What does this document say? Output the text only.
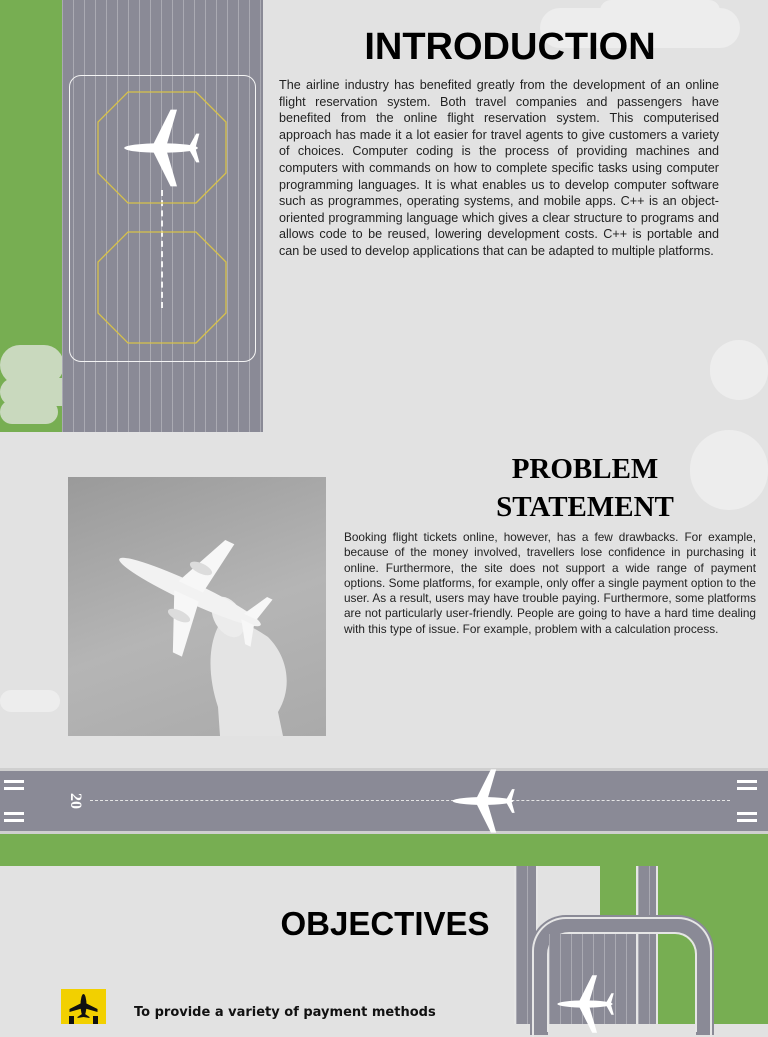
INTRODUCTION

The airline industry has benefited greatly from the development of an online flight reservation system. Both travel companies and passengers have benefited from the online flight reservation system. This computerised approach has made it a lot easier for travel agents to give customers a variety of choices. Computer coding is the process of providing machines and computers with commands on how to complete specific tasks using computer programming languages. It is what enables us to develop computer software such as programmes, operating systems, and mobile apps. C++ is an object-oriented programming language which gives a clear structure to programs and allows code to be reused, lowering development costs. C++ is portable and can be used to develop applications that can be adapted to multiple platforms.

PROBLEM
STATEMENT

Booking flight tickets online, however, has a few drawbacks. For example, because of the money involved, travellers lose confidence in purchasing it online. Furthermore, the site does not support a wide range of payment options. Some platforms, for example, only offer a single payment option to the user. As a result, users may have trouble paying. Furthermore, some platforms are not particularly user-friendly. People are going to have a hard time dealing with this type of issue. For example, problem with a calculation process.

20
OBJECTIVES
To provide a variety of payment methods
